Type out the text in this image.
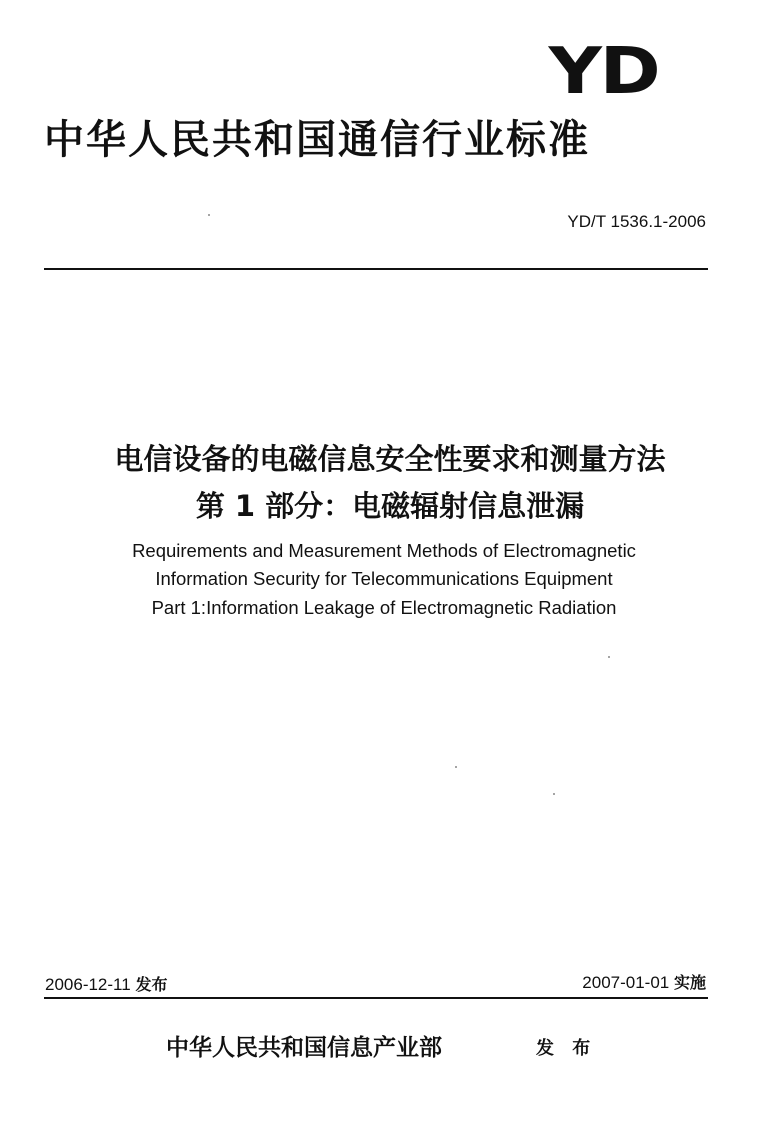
YD
中华人民共和国通信行业标准
YD/T 1536.1-2006
电信设备的电磁信息安全性要求和测量方法
第 1 部分：电磁辐射信息泄漏
Requirements and Measurement Methods of Electromagnetic
Information Security for Telecommunications Equipment
Part 1:Information Leakage of Electromagnetic Radiation
2006-12-11 发布	2007-01-01 实施
中华人民共和国信息产业部	发 布
